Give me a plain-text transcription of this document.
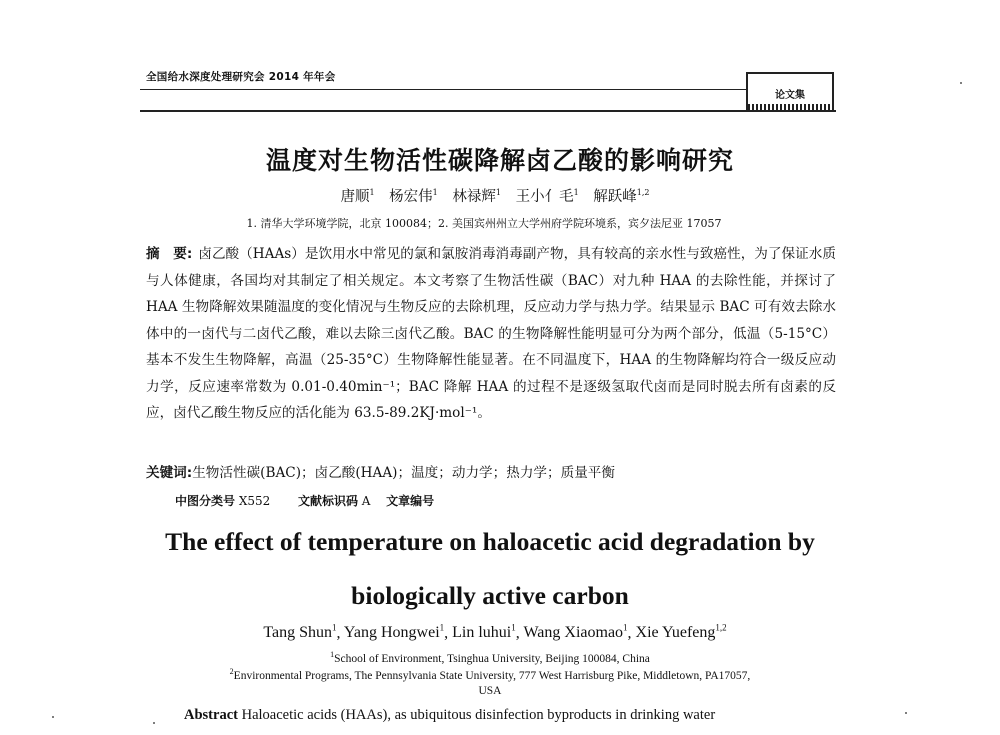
全国给水深度处理研究会 2014 年年会
论文集
温度对生物活性碳降解卤乙酸的影响研究
唐顺$^1$ 杨宏伟$^1$ 林禄辉$^1$ 王小亻毛$^1$ 解跃峰$^{1,2}$
1. 清华大学环境学院，北京 100084；2. 美国宾州州立大学州府学院环境系，宾夕法尼亚 17057
摘　要: 卤乙酸（HAAs）是饮用水中常见的氯和氯胺消毒消毒副产物，具有较高的亲水性与致癌性，为了保证水质与人体健康，各国均对其制定了相关规定。本文考察了生物活性碳（BAC）对九种 HAA 的去除性能，并探讨了 HAA 生物降解效果随温度的变化情况与生物反应的去除机理，反应动力学与热力学。结果显示 BAC 可有效去除水体中的一卤代与二卤代乙酸，难以去除三卤代乙酸。BAC 的生物降解性能明显可分为两个部分，低温（5-15°C）基本不发生生物降解，高温（25-35°C）生物降解性能显著。在不同温度下，HAA 的生物降解均符合一级反应动力学，反应速率常数为 0.01-0.40min⁻¹；BAC 降解 HAA 的过程不是逐级氢取代卤而是同时脱去所有卤素的反应，卤代乙酸生物反应的活化能为 63.5-89.2KJ·mol⁻¹。
关键词:生物活性碳(BAC)；卤乙酸(HAA)；温度；动力学；热力学；质量平衡
中图分类号 X552 文献标识码 A 文章编号
The effect of temperature on haloacetic acid degradation by
biologically active carbon
Tang Shun$^1$, Yang Hongwei$^1$, Lin luhui$^1$, Wang Xiaomao$^1$, Xie Yuefeng$^{1,2}$
$^1$School of Environment, Tsinghua University, Beijing 100084, China
$^2$Environmental Programs, The Pennsylvania State University, 777 West Harrisburg Pike, Middletown, PA17057,
USA
Abstract Haloacetic acids (HAAs), as ubiquitous disinfection byproducts in drinking water
